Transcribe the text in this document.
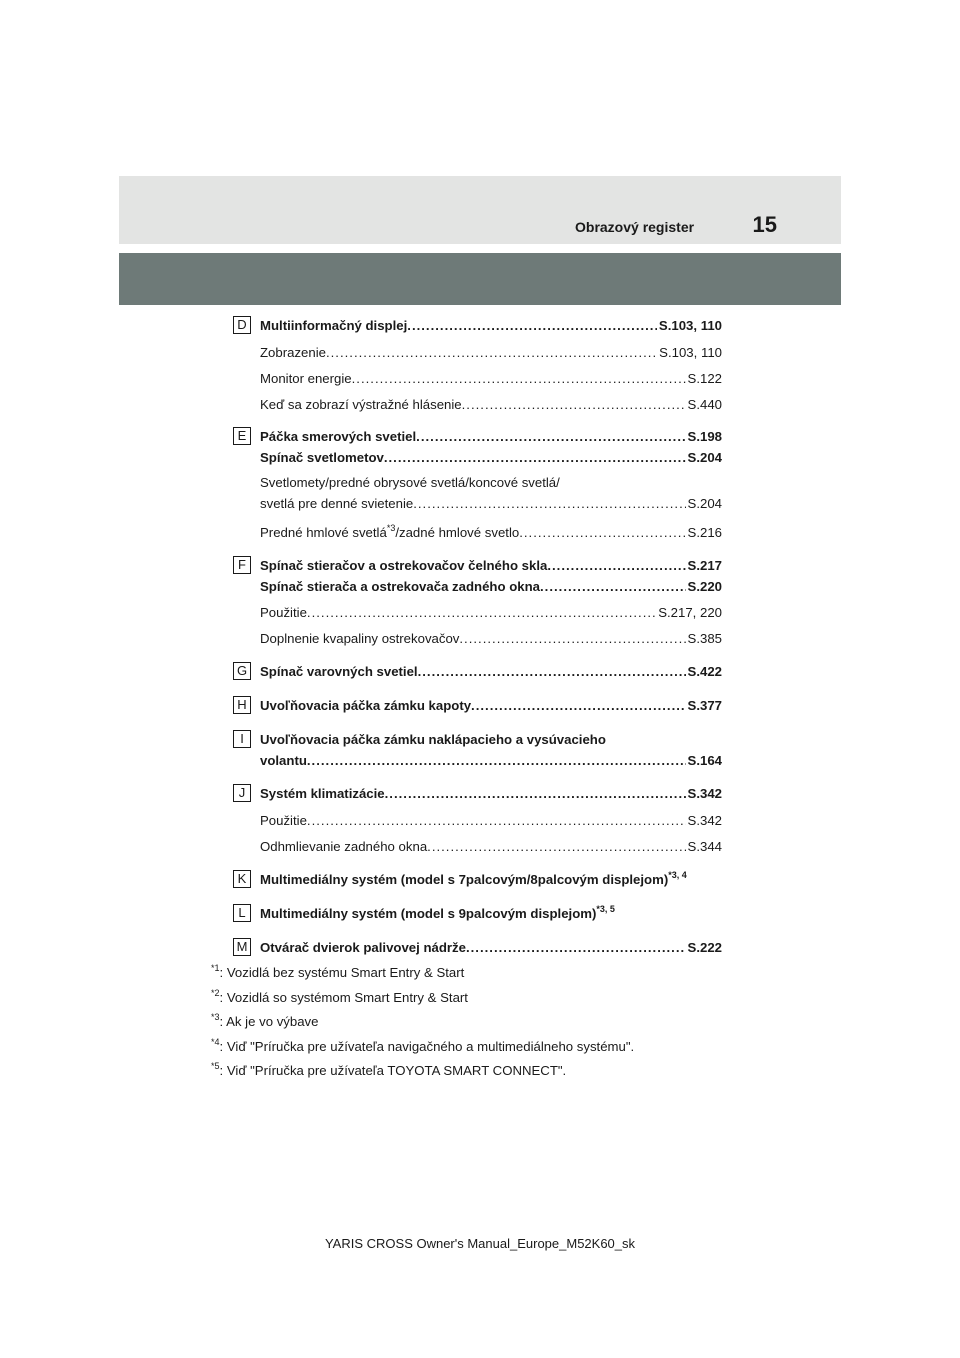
Obrazový register	15
D	Multiinformačný displej .....	S.103, 110
Zobrazenie .....	S.103, 110
Monitor energie .....	S.122
Keď sa zobrazí výstražné hlásenie .....	S.440
E	Páčka smerových svetiel .....	S.198
Spínač svetlometov .....	S.204
Svetlomety/predné obrysové svetlá/koncové svetlá/
svetlá pre denné svietenie .....	S.204
Predné hmlové svetlá$^{*3}$/zadné hmlové svetlo .....	S.216
F	Spínač stieračov a ostrekovačov čelného skla .....	S.217
Spínač stierača a ostrekovača zadného okna .....	S.220
Použitie .....	S.217, 220
Doplnenie kvapaliny ostrekovačov .....	S.385
G Spínač varovných svetiel .....	S.422
H	Uvoľňovacia páčka zámku kapoty .....	S.377
I	Uvoľňovacia páčka zámku naklápacieho a vysúvacieho
volantu .....	S.164
J	Systém klimatizácie .....	S.342
Použitie .....	S.342
Odhmlievanie zadného okna .....	S.344
K	Multimediálny systém (model s 7palcovým/8palcovým displejom)$^{*3, 4}$
L	Multimediálny systém (model s 9palcovým displejom)$^{*3, 5}$
M Otvárač dvierok palivovej nádrže .....	S.222
$^{*1}$: Vozidlá bez systému Smart Entry & Start
$^{*2}$: Vozidlá so systémom Smart Entry & Start
$^{*3}$: Ak je vo výbave
$^{*4}$: Viď "Príručka pre užívateľa navigačného a multimediálneho systému".
$^{*5}$: Viď "Príručka pre užívateľa TOYOTA SMART CONNECT".
YARIS CROSS Owner's Manual_Europe_M52K60_sk
